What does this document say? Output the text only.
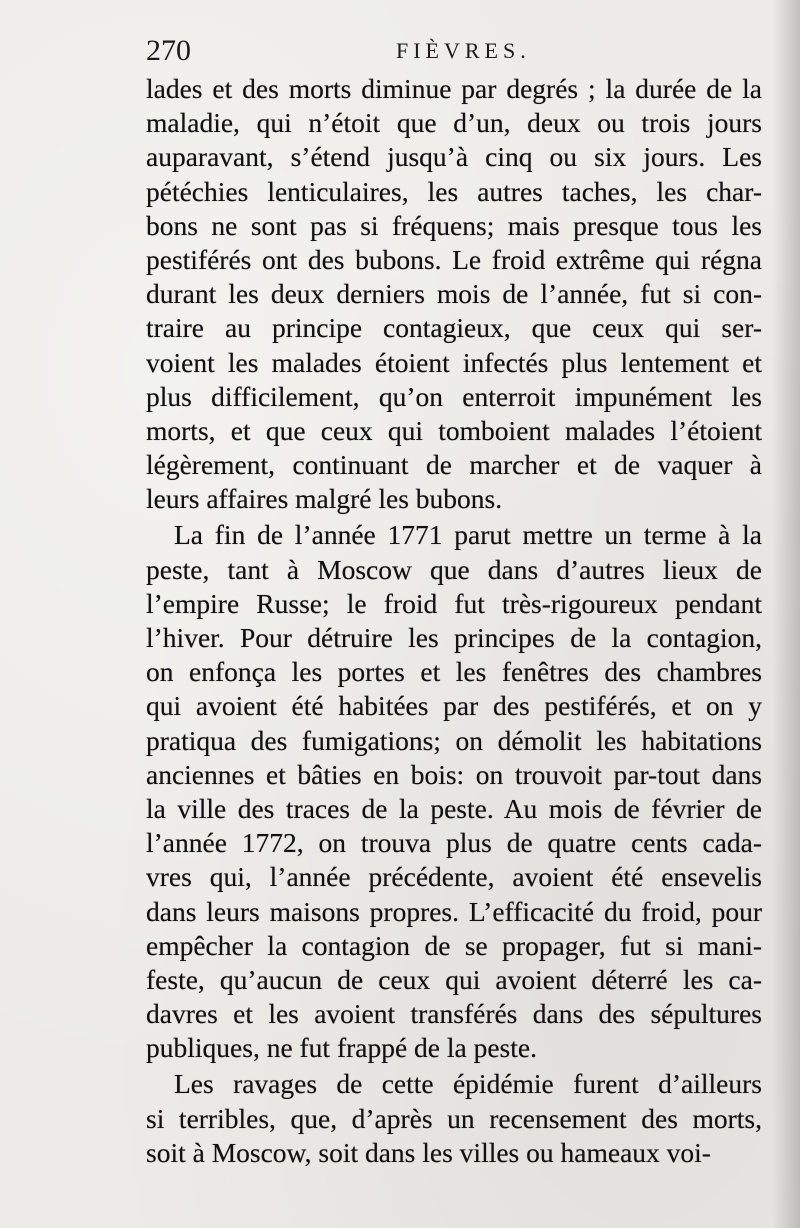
270	FIÈVRES.
lades et des morts diminue par degrés ; la durée de la
maladie, qui n’étoit que d’un, deux ou trois jours
auparavant, s’étend jusqu’à cinq ou six jours. Les
pétéchies lenticulaires, les autres taches, les char-
bons ne sont pas si fréquens; mais presque tous les
pestiférés ont des bubons. Le froid extrême qui régna
durant les deux derniers mois de l’année, fut si con-
traire au principe contagieux, que ceux qui ser-
voient les malades étoient infectés plus lentement et
plus difficilement, qu’on enterroit impunément les
morts, et que ceux qui tomboient malades l’étoient
légèrement, continuant de marcher et de vaquer à
leurs affaires malgré les bubons.
La fin de l’année 1771 parut mettre un terme à la
peste, tant à Moscow que dans d’autres lieux de
l’empire Russe; le froid fut très-rigoureux pendant
l’hiver. Pour détruire les principes de la contagion,
on enfonça les portes et les fenêtres des chambres
qui avoient été habitées par des pestiférés, et on y
pratiqua des fumigations; on démolit les habitations
anciennes et bâties en bois: on trouvoit par-tout dans
la ville des traces de la peste. Au mois de février de
l’année 1772, on trouva plus de quatre cents cada-
vres qui, l’année précédente, avoient été ensevelis
dans leurs maisons propres. L’efficacité du froid, pour
empêcher la contagion de se propager, fut si mani-
feste, qu’aucun de ceux qui avoient déterré les ca-
davres et les avoient transférés dans des sépultures
publiques, ne fut frappé de la peste.
Les ravages de cette épidémie furent d’ailleurs
si terribles, que, d’après un recensement des morts,
soit à Moscow, soit dans les villes ou hameaux voi-
